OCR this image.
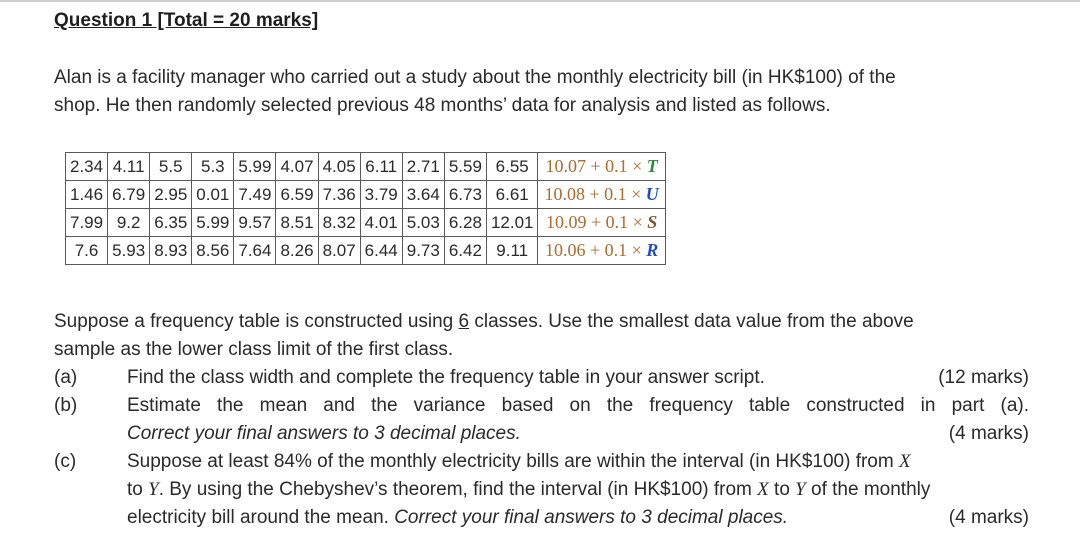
Question 1 [Total = 20 marks]
Alan is a facility manager who carried out a study about the monthly electricity bill (in HK$100) of the
shop. He then randomly selected previous 48 months’ data for analysis and listed as follows.
2.34	4.11	5.5	5.3	5.99	4.07	4.05	6.11	2.71	5.59	6.55	10.07 + 0.1 × T
1.46	6.79	2.95	0.01	7.49	6.59	7.36	3.79	3.64	6.73	6.61	10.08 + 0.1 × U
7.99	9.2	6.35	5.99	9.57	8.51	8.32	4.01	5.03	6.28	12.01	10.09 + 0.1 × S
7.6	5.93	8.93	8.56	7.64	8.26	8.07	6.44	9.73	6.42	9.11	10.06 + 0.1 × R
Suppose a frequency table is constructed using 6 classes. Use the smallest data value from the above
sample as the lower class limit of the first class.
(a)	Find the class width and complete the frequency table in your answer script.	(12 marks)
(b)	Estimate the mean and the variance based on the frequency table constructed in part (a).
Correct your final answers to 3 decimal places.	(4 marks)
(c)	Suppose at least 84% of the monthly electricity bills are within the interval (in HK$100) from X
to Y. By using the Chebyshev’s theorem, find the interval (in HK$100) from X to Y of the monthly
electricity bill around the mean. Correct your final answers to 3 decimal places.	(4 marks)
